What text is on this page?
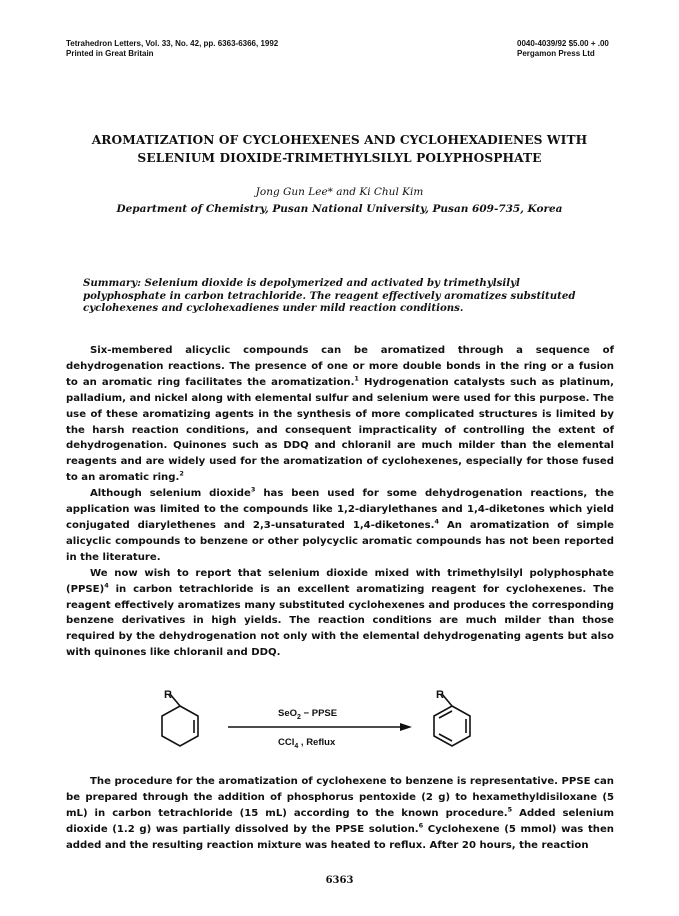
Tetrahedron Letters, Vol. 33, No. 42, pp. 6363-6366, 1992
Printed in Great Britain
0040-4039/92 $5.00 + .00
Pergamon Press Ltd
AROMATIZATION OF CYCLOHEXENES AND CYCLOHEXADIENES WITH
SELENIUM DIOXIDE-TRIMETHYLSILYL POLYPHOSPHATE
Jong Gun Lee* and Ki Chul Kim
Department of Chemistry, Pusan National University, Pusan 609-735, Korea
Summary: Selenium dioxide is depolymerized and activated by trimethylsilyl polyphosphate in carbon tetrachloride. The reagent effectively aromatizes substituted cyclohexenes and cyclohexadienes under mild reaction conditions.

Six-membered alicyclic compounds can be aromatized through a sequence of dehydrogenation reactions. The presence of one or more double bonds in the ring or a fusion to an aromatic ring facilitates the aromatization.$^1$ Hydrogenation catalysts such as platinum, palladium, and nickel along with elemental sulfur and selenium were used for this purpose. The use of these aromatizing agents in the synthesis of more complicated structures is limited by the harsh reaction conditions, and consequent impracticality of controlling the extent of dehydrogenation. Quinones such as DDQ and chloranil are much milder than the elemental reagents and are widely used for the aromatization of cyclohexenes, especially for those fused to an aromatic ring.$^2$

Although selenium dioxide$^3$ has been used for some dehydrogenation reactions, the application was limited to the compounds like 1,2-diarylethanes and 1,4-diketones which yield conjugated diarylethenes and 2,3-unsaturated 1,4-diketones.$^4$ An aromatization of simple alicyclic compounds to benzene or other polycyclic aromatic compounds has not been reported in the literature.

We now wish to report that selenium dioxide mixed with trimethylsilyl polyphosphate (PPSE)$^4$ in carbon tetrachloride is an excellent aromatizing reagent for cyclohexenes. The reagent effectively aromatizes many substituted cyclohexenes and produces the corresponding benzene derivatives in high yields. The reaction conditions are much milder than those required by the dehydrogenation not only with the elemental dehydrogenating agents but also with quinones like chloranil and DDQ.

R
SeO$_2$ − PPSE
CCl$_4$ , Reflux
R

The procedure for the aromatization of cyclohexene to benzene is representative. PPSE can be prepared through the addition of phosphorus pentoxide (2 g) to hexamethyldisiloxane (5 mL) in carbon tetrachloride (15 mL) according to the known procedure.$^5$ Added selenium dioxide (1.2 g) was partially dissolved by the PPSE solution.$^6$ Cyclohexene (5 mmol) was then added and the resulting reaction mixture was heated to reflux. After 20 hours, the reaction

6363
